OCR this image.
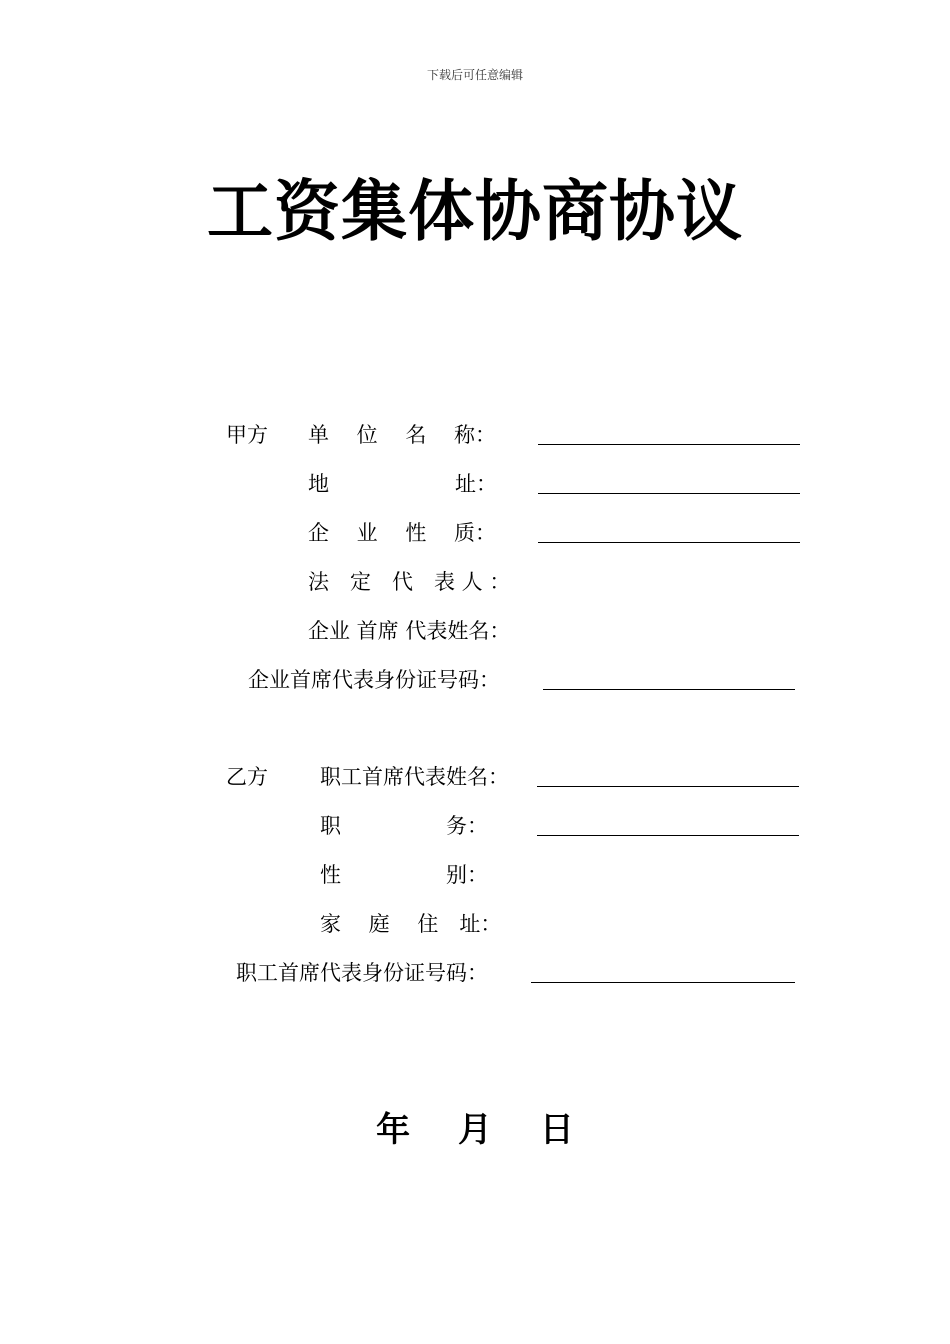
下载后可任意编辑
工资集体协商协议
甲方 单　 位　 名　 称：
地　　　　　　址：
企　 业　 性　 质：
法　定　代　表 人 ：
企业 首席 代表姓名：
企业首席代表身份证号码：
乙方 职工首席代表姓名：
职　　　　　务：
性　　　　　别：
家　 庭　 住　址：
职工首席代表身份证号码：
年 月 日
